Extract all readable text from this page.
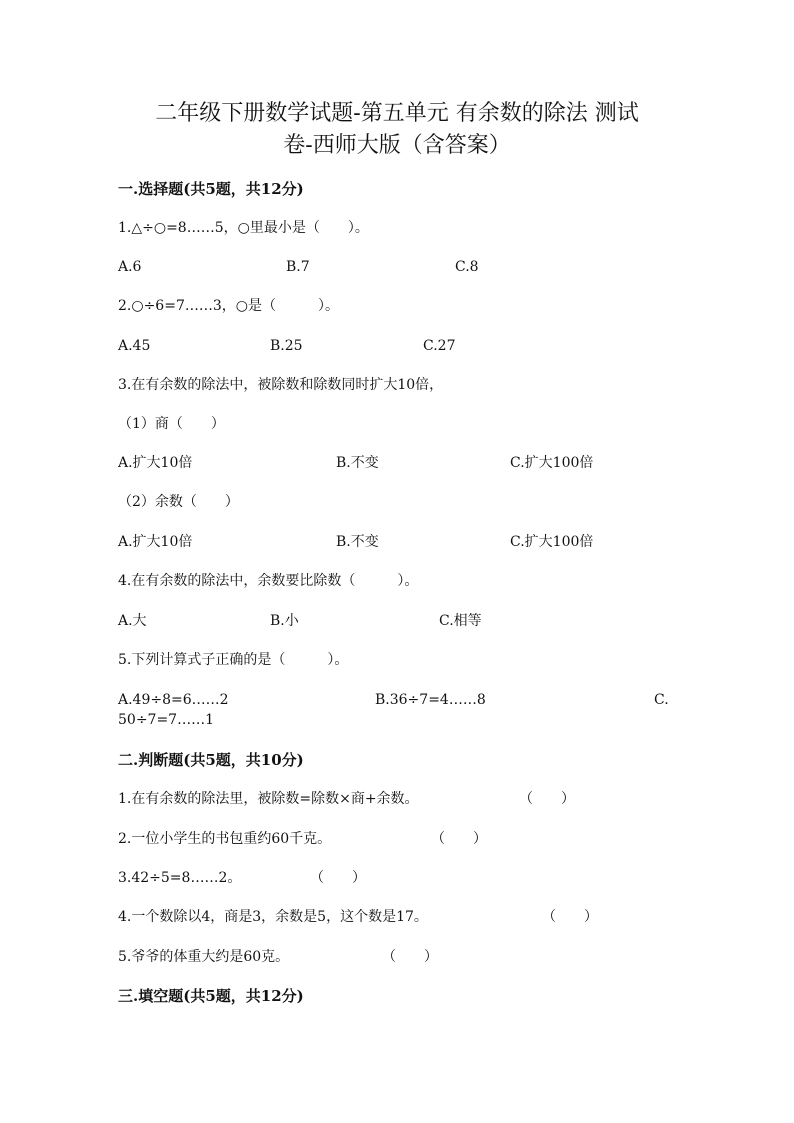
二年级下册数学试题-第五单元 有余数的除法 测试
卷-西师大版（含答案）
一.选择题(共5题，共12分)
1.△÷○=8……5，○里最小是（　　）。
A.6	B.7	C.8
2.○÷6=7……3，○是（　　　）。
A.45	B.25	C.27
3.在有余数的除法中，被除数和除数同时扩大10倍，
（1）商（　　）
A.扩大10倍	B.不变	C.扩大100倍
（2）余数（　　）
A.扩大10倍	B.不变	C.扩大100倍
4.在有余数的除法中，余数要比除数（　　　）。
A.大	B.小	C.相等
5.下列计算式子正确的是（　　　）。
A.49÷8=6……2	B.36÷7=4……8	C.
50÷7=7……1
二.判断题(共5题，共10分)
1.在有余数的除法里，被除数=除数×商+余数。	（　　）
2.一位小学生的书包重约60千克。	（　　）
3.42÷5=8……2。	（　　）
4.一个数除以4，商是3，余数是5，这个数是17。	（　　）
5.爷爷的体重大约是60克。	（　　）
三.填空题(共5题，共12分)
